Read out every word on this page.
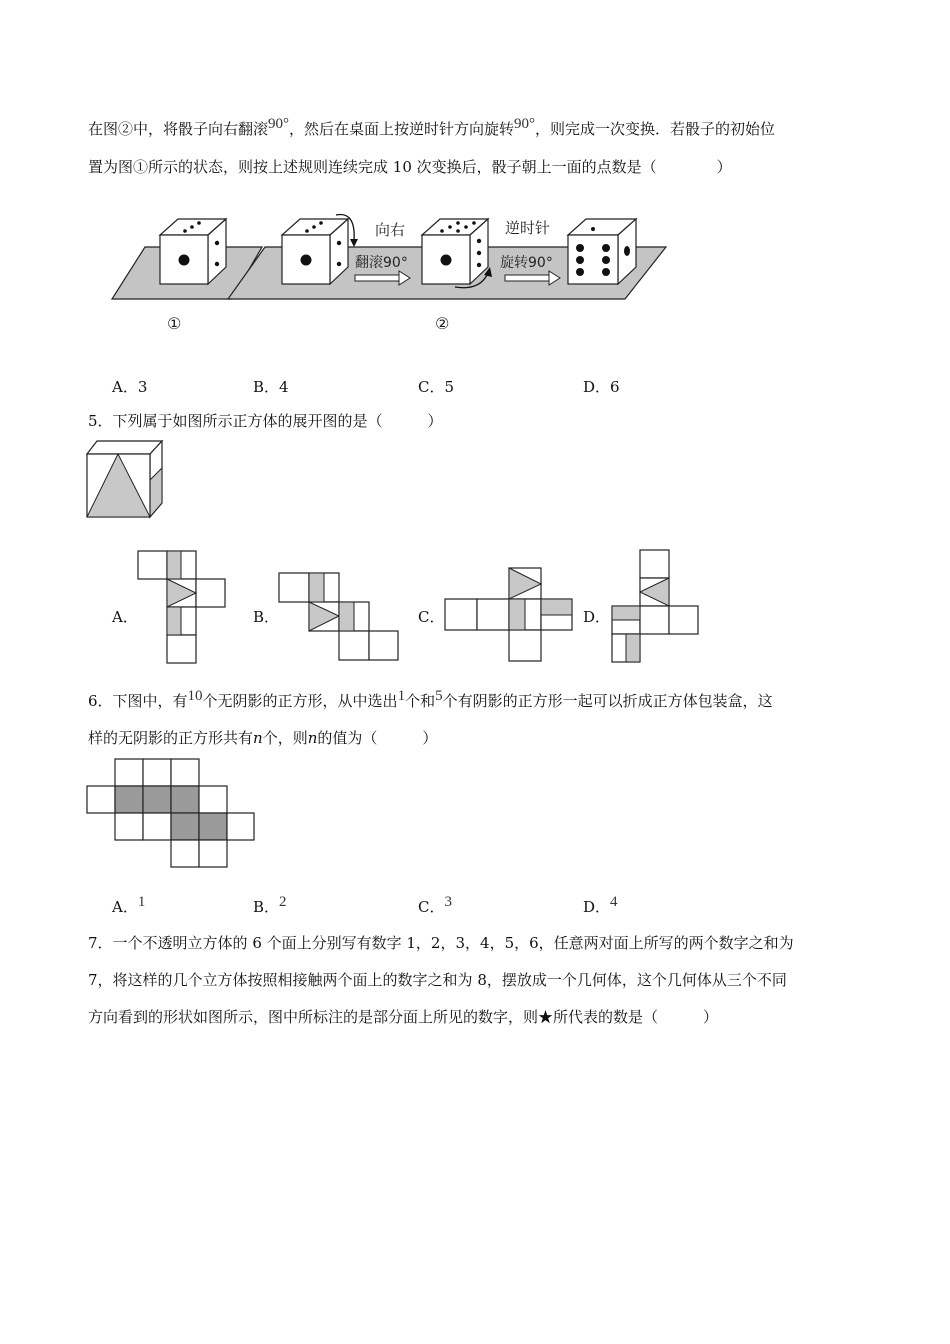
在图②中，将骰子向右翻滚90°，然后在桌面上按逆时针方向旋转90°，则完成一次变换．若骰子的初始位
置为图①所示的状态，则按上述规则连续完成 10 次变换后，骰子朝上一面的点数是（　　　　）
向右
翻滚90°
逆时针
旋转90°
①	②
A．3	B．4	C．5	D．6
5．下列属于如图所示正方体的展开图的是（　　　）
A．	B．	C．	D．
6．下图中，有10个无阴影的正方形，从中选出1个和5个有阴影的正方形一起可以折成正方体包装盒，这
样的无阴影的正方形共有n个，则n的值为（　　　）
A．1	B．2	C．3	D．4
7．一个不透明立方体的 6 个面上分别写有数字 1，2，3，4，5，6，任意两对面上所写的两个数字之和为
7，将这样的几个立方体按照相接触两个面上的数字之和为 8，摆放成一个几何体，这个几何体从三个不同
方向看到的形状如图所示，图中所标注的是部分面上所见的数字，则★所代表的数是（　　　）
